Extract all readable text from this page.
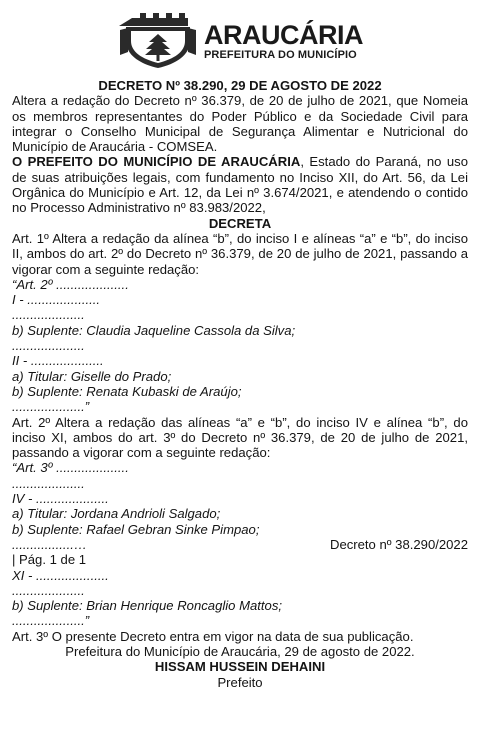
ARAUCÁRIA
PREFEITURA DO MUNICÍPIO
DECRETO Nº 38.290, 29 DE AGOSTO DE 2022
Altera a redação do Decreto nº 36.379, de 20 de julho de 2021, que Nomeia os membros representantes do Poder Público e da Sociedade Civil para integrar o Conselho Municipal de Segurança Alimentar e Nutricional do Município de Araucária - COMSEA.
O PREFEITO DO MUNICÍPIO DE ARAUCÁRIA, Estado do Paraná, no uso de suas atribuições legais, com fundamento no Inciso XII, do Art. 56, da Lei Orgânica do Município e Art. 12, da Lei nº 3.674/2021, e atendendo o contido no Processo Administrativo nº 83.983/2022,
DECRETA
Art. 1º Altera a redação da alínea “b”, do inciso I e alíneas “a” e “b”, do inciso II, ambos do art. 2º do Decreto nº 36.379, de 20 de julho de 2021, passando a vigorar com a seguinte redação:
“Art. 2º ....................
I - ....................
....................
b) Suplente: Claudia Jaqueline Cassola da Silva;
....................
II - ....................
a) Titular: Giselle do Prado;
b) Suplente: Renata Kubaski de Araújo;
....................”
Art. 2º Altera a redação das alíneas “a” e “b”, do inciso IV e alínea “b”, do inciso XI, ambos do art. 3º do Decreto nº 36.379, de 20 de julho de 2021, passando a vigorar com a seguinte redação:
“Art. 3º ....................
....................
IV - ....................
a) Titular: Jordana Andrioli Salgado;
b) Suplente: Rafael Gebran Sinke Pimpao;
.................…	Decreto nº 38.290/2022
| Pág. 1 de 1
XI - ....................
....................
b) Suplente: Brian Henrique Roncaglio Mattos;
....................”
Art. 3º O presente Decreto entra em vigor na data de sua publicação.
Prefeitura do Município de Araucária, 29 de agosto de 2022.
HISSAM HUSSEIN DEHAINI
Prefeito
